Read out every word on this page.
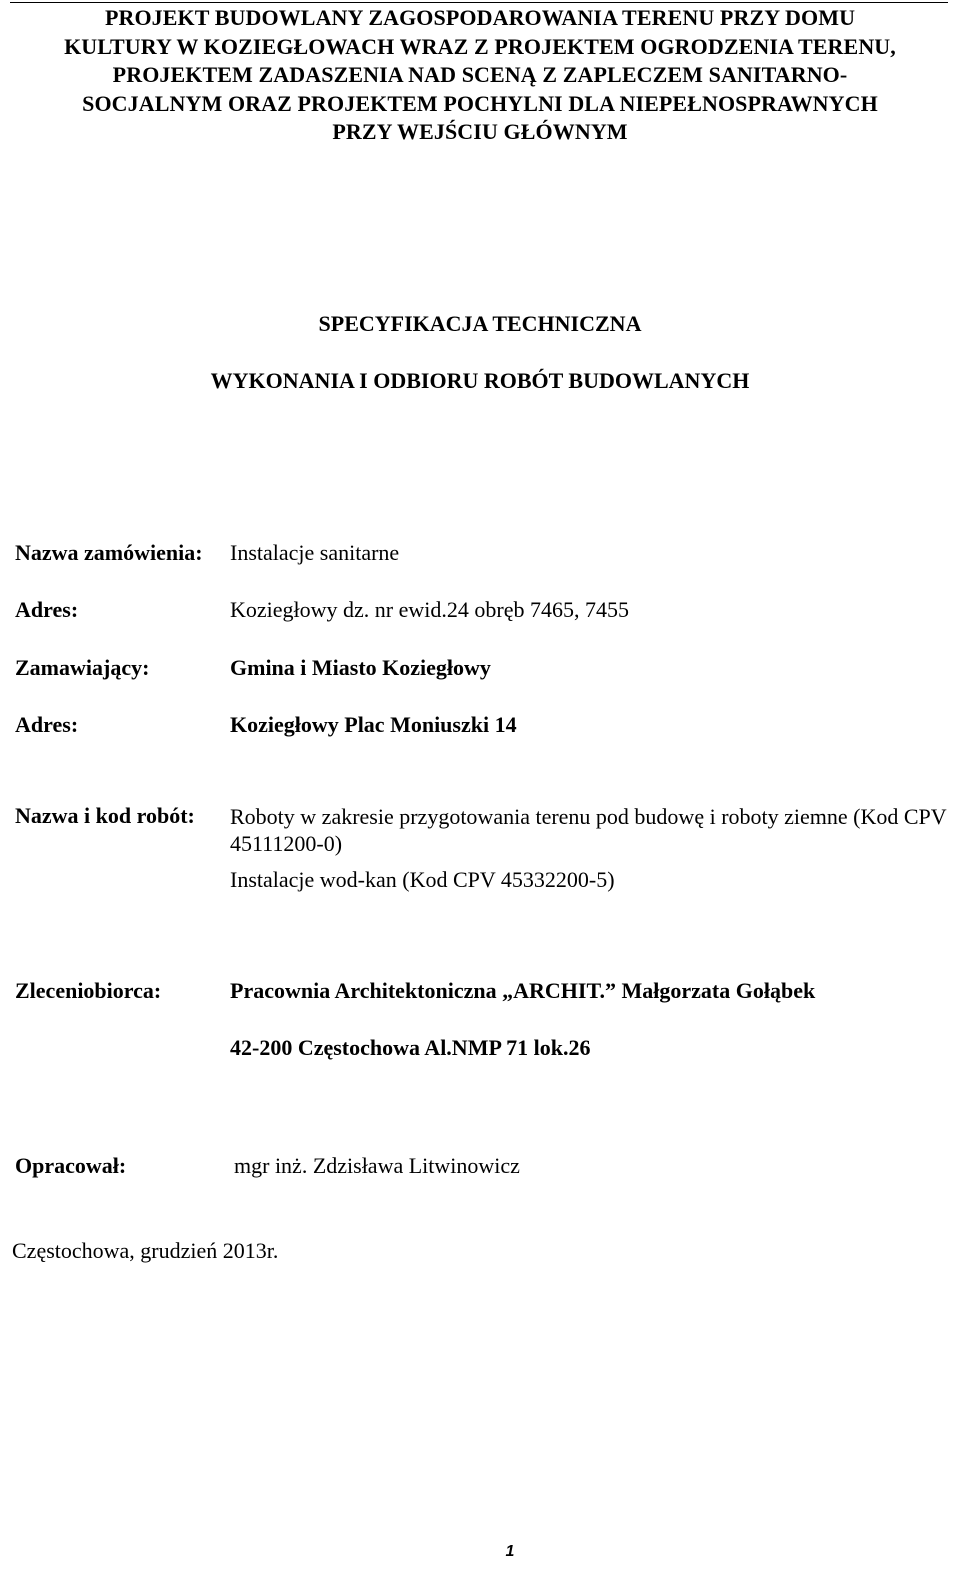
PROJEKT BUDOWLANY ZAGOSPODAROWANIA TERENU PRZY DOMU
KULTURY W KOZIEGŁOWACH WRAZ Z PROJEKTEM OGRODZENIA TERENU,
PROJEKTEM ZADASZENIA NAD SCENĄ Z ZAPLECZEM SANITARNO-
SOCJALNYM ORAZ PROJEKTEM POCHYLNI DLA NIEPEŁNOSPRAWNYCH
PRZY WEJŚCIU GŁÓWNYM
SPECYFIKACJA TECHNICZNA
WYKONANIA I ODBIORU ROBÓT BUDOWLANYCH
Nazwa zamówienia: Instalacje sanitarne
Adres:	Koziegłowy dz. nr ewid.24 obręb 7465, 7455
Zamawiający:	Gmina i Miasto Koziegłowy
Adres:	Koziegłowy Plac Moniuszki 14
Nazwa i kod robót: Roboty w zakresie przygotowania terenu pod budowę i roboty ziemne (Kod CPV 45111200-0)
Instalacje wod-kan (Kod CPV 45332200-5)
Zleceniobiorca:	Pracownia Architektoniczna „ARCHIT.” Małgorzata Gołąbek
42-200 Częstochowa Al.NMP 71 lok.26
Opracował:	mgr inż. Zdzisława Litwinowicz
Częstochowa, grudzień 2013r.
1
